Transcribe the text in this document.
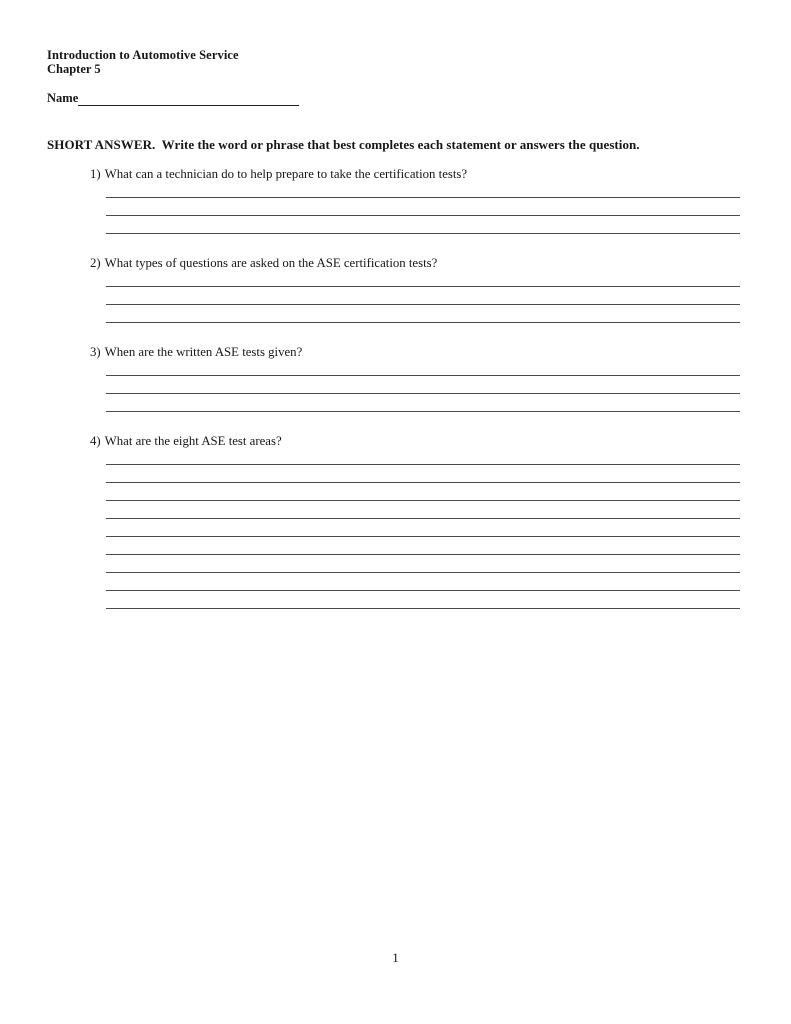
Introduction to Automotive Service
Chapter 5
Name
SHORT ANSWER.  Write the word or phrase that best completes each statement or answers the question.
1) What can a technician do to help prepare to take the certification tests?
2) What types of questions are asked on the ASE certification tests?
3) When are the written ASE tests given?
4) What are the eight ASE test areas?
1
